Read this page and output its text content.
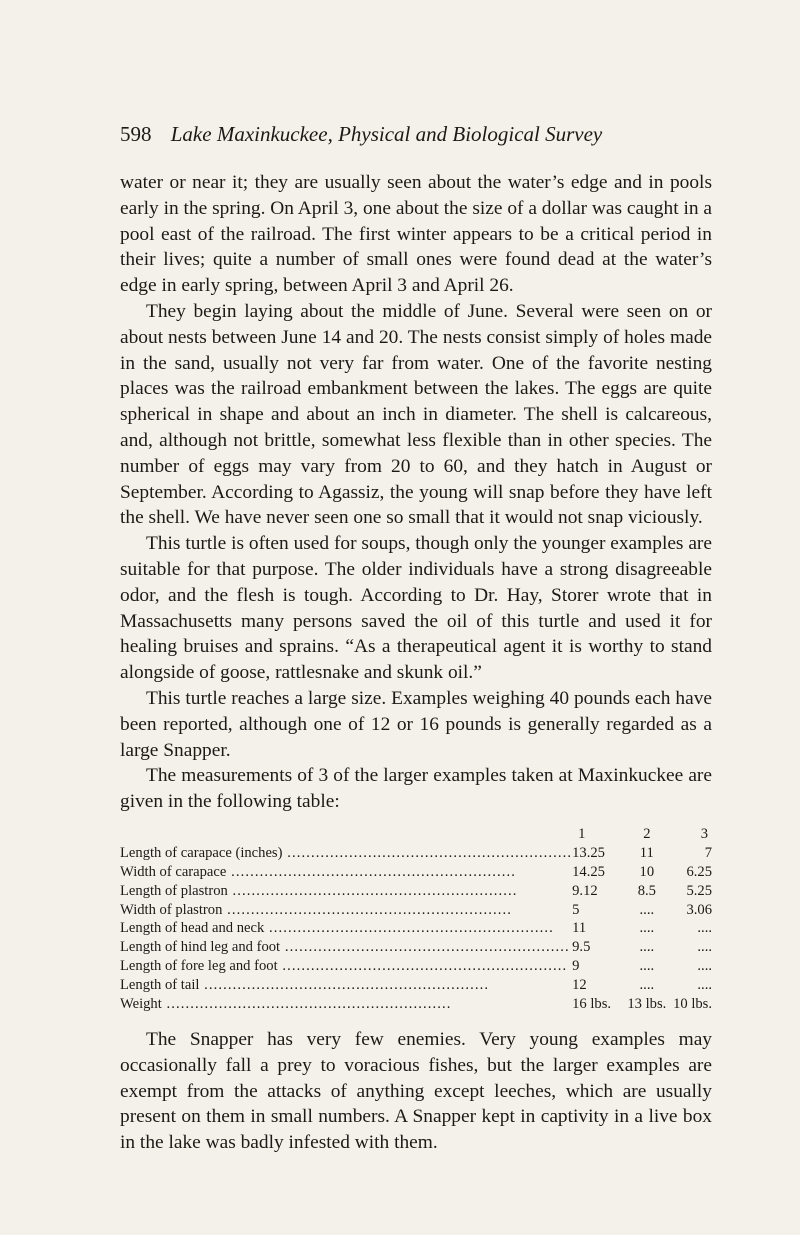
598 Lake Maxinkuckee, Physical and Biological Survey

water or near it; they are usually seen about the water’s edge and in pools early in the spring. On April 3, one about the size of a dollar was caught in a pool east of the railroad. The first winter appears to be a critical period in their lives; quite a number of small ones were found dead at the water’s edge in early spring, between April 3 and April 26.

They begin laying about the middle of June. Several were seen on or about nests between June 14 and 20. The nests consist simply of holes made in the sand, usually not very far from water. One of the favorite nesting places was the railroad embankment between the lakes. The eggs are quite spherical in shape and about an inch in diameter. The shell is calcareous, and, although not brittle, somewhat less flexible than in other species. The number of eggs may vary from 20 to 60, and they hatch in August or September. According to Agassiz, the young will snap before they have left the shell. We have never seen one so small that it would not snap viciously.

This turtle is often used for soups, though only the younger examples are suitable for that purpose. The older individuals have a strong disagreeable odor, and the flesh is tough. According to Dr. Hay, Storer wrote that in Massachusetts many persons saved the oil of this turtle and used it for healing bruises and sprains. “As a therapeutical agent it is worthy to stand alongside of goose, rattlesnake and skunk oil.”

This turtle reaches a large size. Examples weighing 40 pounds each have been reported, although one of 12 or 16 pounds is generally regarded as a large Snapper.

The measurements of 3 of the larger examples taken at Maxinkuckee are given in the following table:

	1	2	3
Length of carapace (inches) ............................................................	13.25	11	7
Width of carapace ............................................................	14.25	10	6.25
Length of plastron ............................................................	9.12	8.5	5.25
Width of plastron ............................................................	5	....	3.06
Length of head and neck ............................................................	11	....	....
Length of hind leg and foot ............................................................	9.5	....	....
Length of fore leg and foot ............................................................	9	....	....
Length of tail ............................................................	12	....	....
Weight ............................................................	16 lbs.	13 lbs.	10 lbs.

The Snapper has very few enemies. Very young examples may occasionally fall a prey to voracious fishes, but the larger examples are exempt from the attacks of anything except leeches, which are usually present on them in small numbers. A Snapper kept in captivity in a live box in the lake was badly infested with them.
